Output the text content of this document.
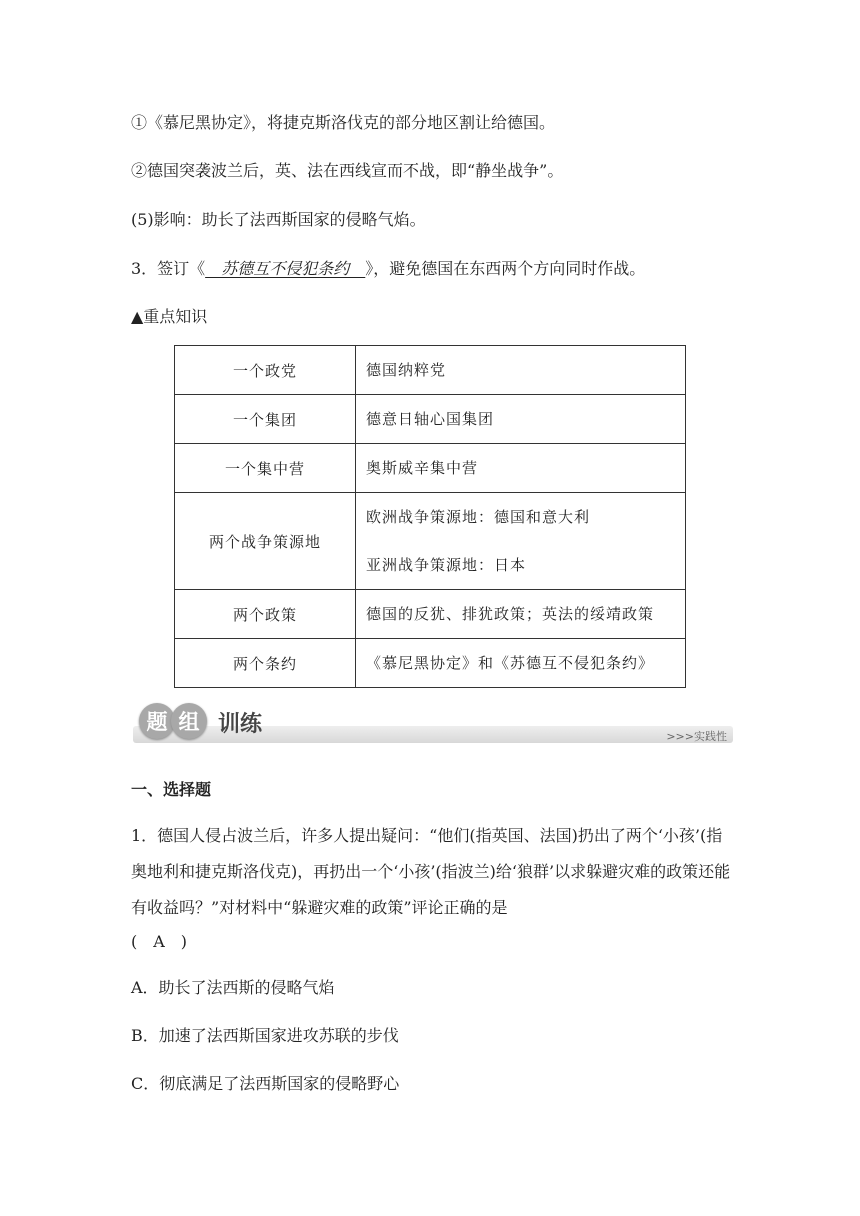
①《慕尼黑协定》，将捷克斯洛伐克的部分地区割让给德国。
②德国突袭波兰后，英、法在西线宣而不战，即“静坐战争”。
(5)影响：助长了法西斯国家的侵略气焰。
3．签订《__苏德互不侵犯条约__》，避免德国在东西两个方向同时作战。
▲重点知识
一个政党	德国纳粹党

一个集团	德意日轴心国集团

一个集中营	奥斯威辛集中营

两个战争策源地	欧洲战争策源地：德国和意大利

亚洲战争策源地：日本

两个政策	德国的反犹、排犹政策；英法的绥靖政策

两个条约	《慕尼黑协定》和《苏德互不侵犯条约》

题 组 训练	>>>实践性
一、选择题
1．德国人侵占波兰后，许多人提出疑问：“他们(指英国、法国)扔出了两个‘小孩’(指奥地利和捷克斯洛伐克)，再扔出一个‘小孩’(指波兰)给‘狼群’以求躲避灾难的政策还能有收益吗？”对材料中“躲避灾难的政策”评论正确的是
(　A　)
A．助长了法西斯的侵略气焰
B．加速了法西斯国家进攻苏联的步伐
C．彻底满足了法西斯国家的侵略野心
